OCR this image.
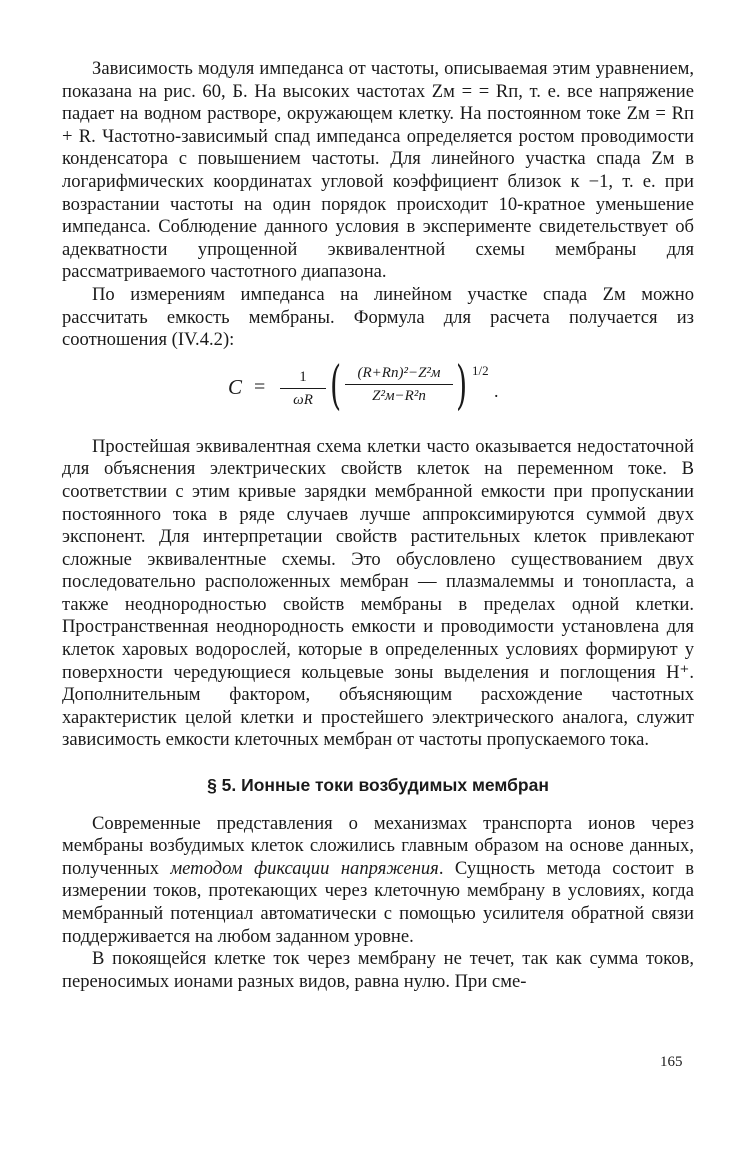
Зависимость модуля импеданса от частоты, описываемая этим уравнением, показана на рис. 60, Б. На высоких частотах Zм = = Rп, т. е. все напряжение падает на водном растворе, окружающем клетку. На постоянном токе Zм = Rп + R. Частотно-зависимый спад импеданса определяется ростом проводимости конденсатора с повышением частоты. Для линейного участка спада Zм в логарифмических координатах угловой коэффициент близок к −1, т. е. при возрастании частоты на один порядок происходит 10-кратное уменьшение импеданса. Соблюдение данного условия в эксперименте свидетельствует об адекватности упрощенной эквивалентной схемы мембраны для рассматриваемого частотного диапазона.

По измерениям импеданса на линейном участке спада Zм можно рассчитать емкость мембраны. Формула для расчета получается из соотношения (IV.4.2):

C =	1
ωR (	(R+Rп)²−Z²м
Z²м−R²п ) 1/2
.

Простейшая эквивалентная схема клетки часто оказывается недостаточной для объяснения электрических свойств клеток на переменном токе. В соответствии с этим кривые зарядки мембранной емкости при пропускании постоянного тока в ряде случаев лучше аппроксимируются суммой двух экспонент. Для интерпретации свойств растительных клеток привлекают сложные эквивалентные схемы. Это обусловлено существованием двух последовательно расположенных мембран — плазмалеммы и тонопласта, а также неоднородностью свойств мембраны в пределах одной клетки. Пространственная неоднородность емкости и проводимости установлена для клеток харовых водорослей, которые в определенных условиях формируют у поверхности чередующиеся кольцевые зоны выделения и поглощения H⁺. Дополнительным фактором, объясняющим расхождение частотных характеристик целой клетки и простейшего электрического аналога, служит зависимость емкости клеточных мембран от частоты пропускаемого тока.

§ 5. Ионные токи возбудимых мембран

Современные представления о механизмах транспорта ионов через мембраны возбудимых клеток сложились главным образом на основе данных, полученных методом фиксации напряжения. Сущность метода состоит в измерении токов, протекающих через клеточную мембрану в условиях, когда мембранный потенциал автоматически с помощью усилителя обратной связи поддерживается на любом заданном уровне.

В покоящейся клетке ток через мембрану не течет, так как сумма токов, переносимых ионами разных видов, равна нулю. При сме-

165
